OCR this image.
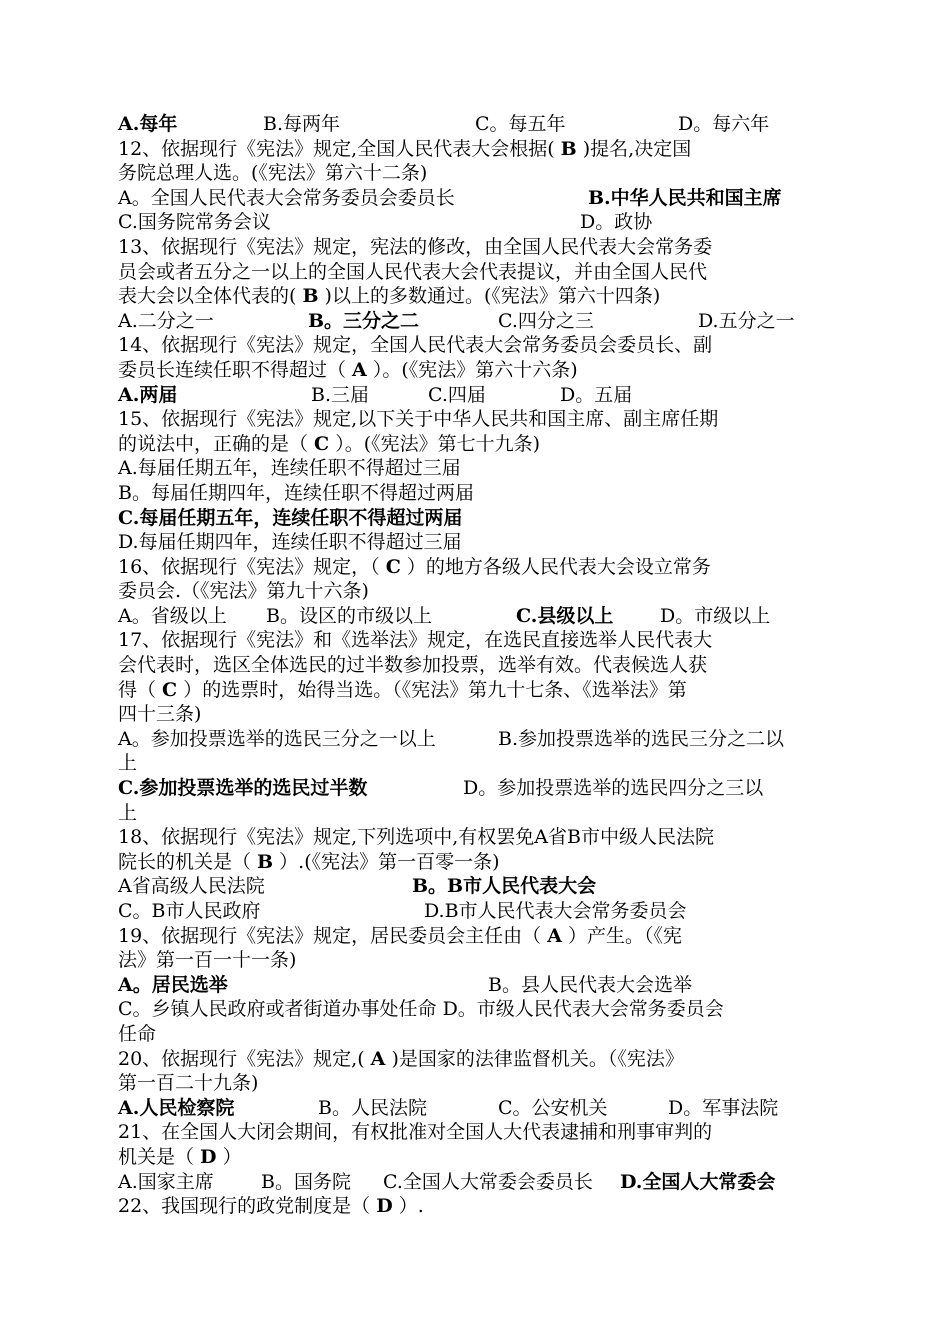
A.每年	B.每两年	C。每五年	D。每六年
12、依据现行《宪法》规定,全国人民代表大会根据( B )提名,决定国
务院总理人选。(《宪法》第六十二条)
A。全国人民代表大会常务委员会委员长	B.中华人民共和国主席
C.国务院常务会议	D。政协
13、依据现行《宪法》规定，宪法的修改，由全国人民代表大会常务委
员会或者五分之一以上的全国人民代表大会代表提议，并由全国人民代
表大会以全体代表的( B )以上的多数通过。(《宪法》第六十四条)
A.二分之一	B。三分之二	C.四分之三	D.五分之一
14、依据现行《宪法》规定，全国人民代表大会常务委员会委员长、副
委员长连续任职不得超过（ A ）。(《宪法》第六十六条)
A.两届	B.三届	C.四届	D。五届
15、依据现行《宪法》规定,以下关于中华人民共和国主席、副主席任期
的说法中，正确的是（ C ）。(《宪法》第七十九条)
A.每届任期五年，连续任职不得超过三届
B。每届任期四年，连续任职不得超过两届
C.每届任期五年，连续任职不得超过两届
D.每届任期四年，连续任职不得超过三届
16、依据现行《宪法》规定，（ C ）的地方各级人民代表大会设立常务
委员会.（《宪法》第九十六条)
A。省级以上	B。设区的市级以上	C.县级以上	D。市级以上
17、依据现行《宪法》和《选举法》规定，在选民直接选举人民代表大
会代表时，选区全体选民的过半数参加投票，选举有效。代表候选人获
得（ C ）的选票时，始得当选。（《宪法》第九十七条、《选举法》第
四十三条)
A。参加投票选举的选民三分之一以上	B.参加投票选举的选民三分之二以
上
C.参加投票选举的选民过半数	D。参加投票选举的选民四分之三以
上
18、依据现行《宪法》规定,下列选项中,有权罢免A省B市中级人民法院
院长的机关是（ B ）.(《宪法》第一百零一条)
A省高级人民法院	B。B市人民代表大会
C。B市人民政府	D.B市人民代表大会常务委员会
19、依据现行《宪法》规定，居民委员会主任由（ A ）产生。（《宪
法》第一百一十一条)
A。居民选举	B。县人民代表大会选举
C。乡镇人民政府或者街道办事处任命 D。市级人民代表大会常务委员会
任命
20、依据现行《宪法》规定,( A )是国家的法律监督机关。（《宪法》
第一百二十九条)
A.人民检察院	B。人民法院	C。公安机关	D。军事法院
21、在全国人大闭会期间，有权批准对全国人大代表逮捕和刑事审判的
机关是（ D ）
A.国家主席	B。国务院	C.全国人大常委会委员长	D.全国人大常委会
22、我国现行的政党制度是（ D ）.
